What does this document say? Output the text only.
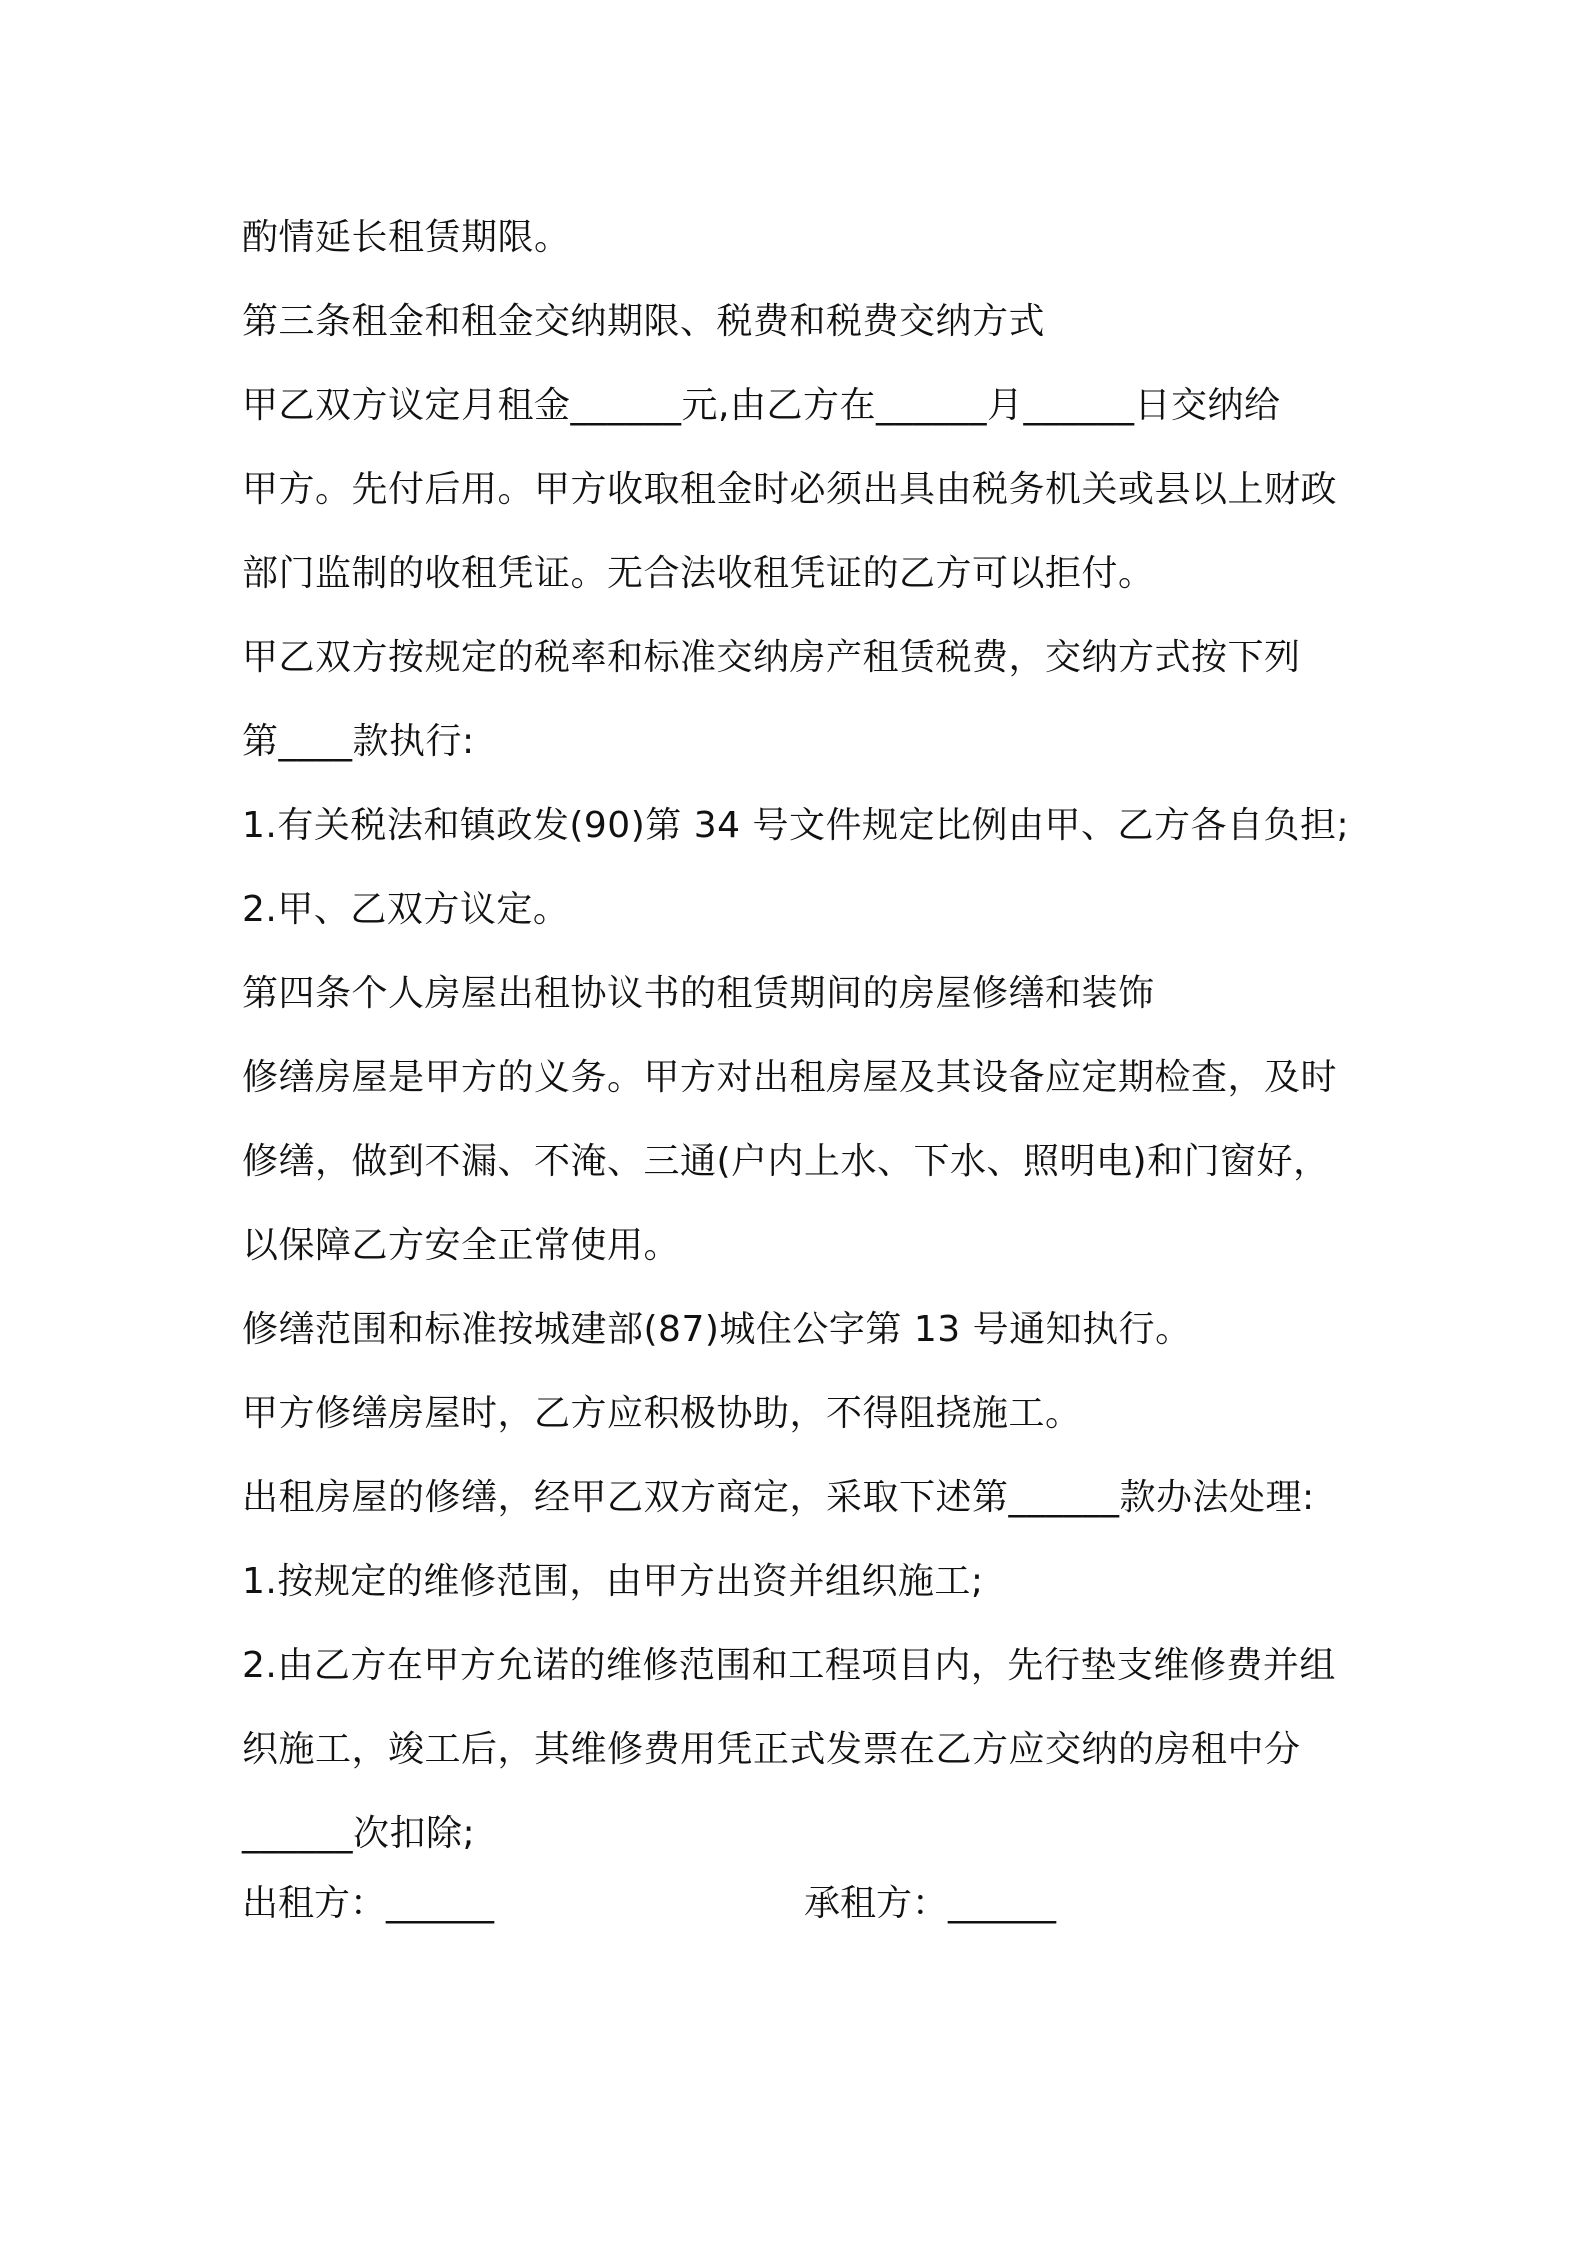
酌情延长租赁期限。
第三条租金和租金交纳期限、税费和税费交纳方式
甲乙双方议定月租金______元,由乙方在______月______日交纳给
甲方。先付后用。甲方收取租金时必须出具由税务机关或县以上财政
部门监制的收租凭证。无合法收租凭证的乙方可以拒付。
甲乙双方按规定的税率和标准交纳房产租赁税费，交纳方式按下列
第____款执行:
1.有关税法和镇政发(90)第 34 号文件规定比例由甲、乙方各自负担;
2.甲、乙双方议定。
第四条个人房屋出租协议书的租赁期间的房屋修缮和装饰
修缮房屋是甲方的义务。甲方对出租房屋及其设备应定期检查，及时
修缮，做到不漏、不淹、三通(户内上水、下水、照明电)和门窗好，
以保障乙方安全正常使用。
修缮范围和标准按城建部(87)城住公字第 13 号通知执行。
甲方修缮房屋时，乙方应积极协助，不得阻挠施工。
出租房屋的修缮，经甲乙双方商定，采取下述第______款办法处理:
1.按规定的维修范围，由甲方出资并组织施工;
2.由乙方在甲方允诺的维修范围和工程项目内，先行垫支维修费并组
织施工，竣工后，其维修费用凭正式发票在乙方应交纳的房租中分
______次扣除;
出租方：______	承租方：______
